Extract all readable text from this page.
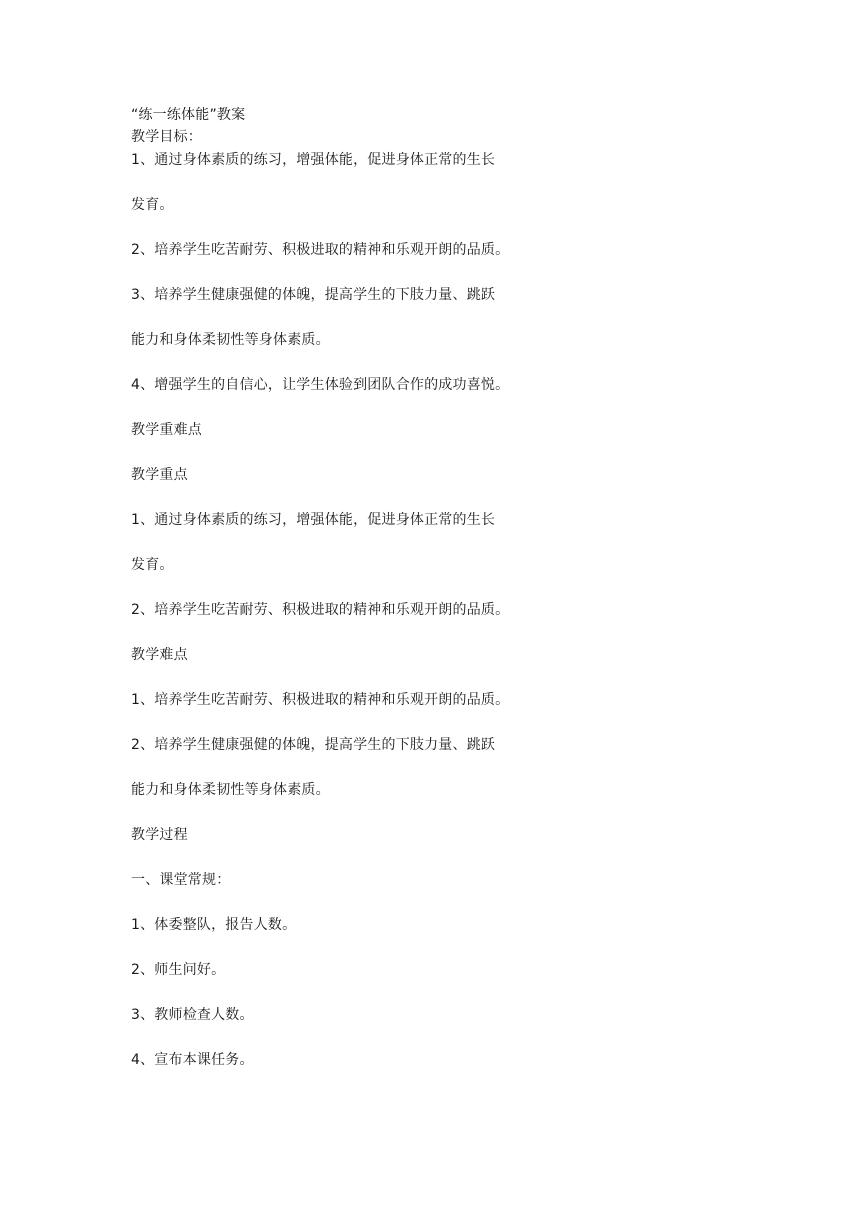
“练一练体能”教案
教学目标：
1、通过身体素质的练习，增强体能，促进身体正常的生长
发育。
2、培养学生吃苦耐劳、积极进取的精神和乐观开朗的品质。
3、培养学生健康强健的体魄，提高学生的下肢力量、跳跃
能力和身体柔韧性等身体素质。
4、增强学生的自信心，让学生体验到团队合作的成功喜悦。
教学重难点
教学重点
1、通过身体素质的练习，增强体能，促进身体正常的生长
发育。
2、培养学生吃苦耐劳、积极进取的精神和乐观开朗的品质。
教学难点
1、培养学生吃苦耐劳、积极进取的精神和乐观开朗的品质。
2、培养学生健康强健的体魄，提高学生的下肢力量、跳跃
能力和身体柔韧性等身体素质。
教学过程
一、课堂常规：
1、体委整队，报告人数。
2、师生问好。
3、教师检查人数。
4、宣布本课任务。
